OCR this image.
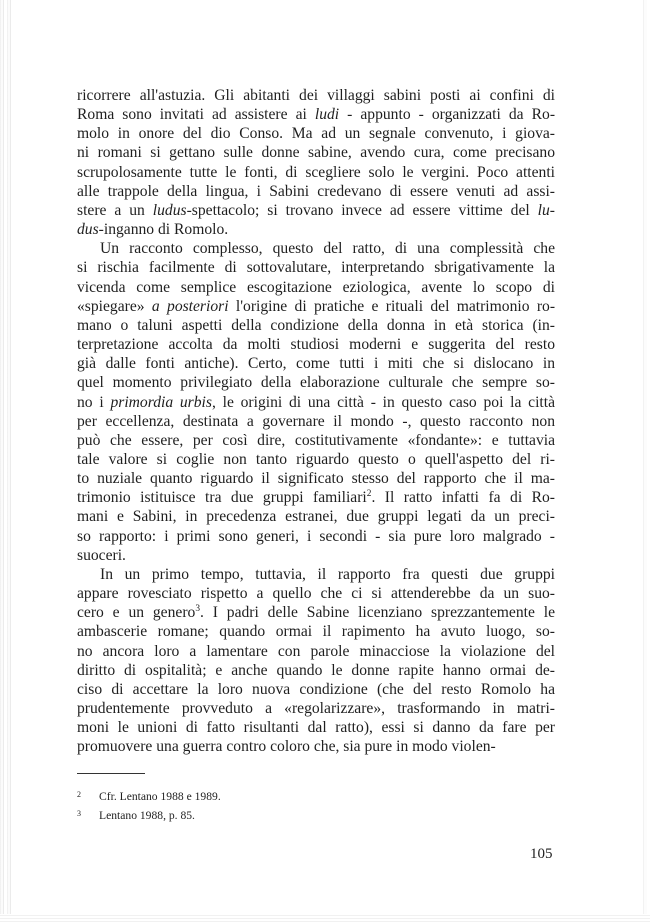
ricorrere all'astuzia. Gli abitanti dei villaggi sabini posti ai confini di
Roma sono invitati ad assistere ai ludi - appunto - organizzati da Ro-
molo in onore del dio Conso. Ma ad un segnale convenuto, i giova-
ni romani si gettano sulle donne sabine, avendo cura, come precisano
scrupolosamente tutte le fonti, di scegliere solo le vergini. Poco attenti
alle trappole della lingua, i Sabini credevano di essere venuti ad assi-
stere a un ludus-spettacolo; si trovano invece ad essere vittime del lu-
dus-inganno di Romolo.
Un racconto complesso, questo del ratto, di una complessità che
si rischia facilmente di sottovalutare, interpretando sbrigativamente la
vicenda come semplice escogitazione eziologica, avente lo scopo di
«spiegare» a posteriori l'origine di pratiche e rituali del matrimonio ro-
mano o taluni aspetti della condizione della donna in età storica (in-
terpretazione accolta da molti studiosi moderni e suggerita del resto
già dalle fonti antiche). Certo, come tutti i miti che si dislocano in
quel momento privilegiato della elaborazione culturale che sempre so-
no i primordia urbis, le origini di una città - in questo caso poi la città
per eccellenza, destinata a governare il mondo -, questo racconto non
può che essere, per così dire, costitutivamente «fondante»: e tuttavia
tale valore si coglie non tanto riguardo questo o quell'aspetto del ri-
to nuziale quanto riguardo il significato stesso del rapporto che il ma-
trimonio istituisce tra due gruppi familiari$^2$. Il ratto infatti fa di Ro-
mani e Sabini, in precedenza estranei, due gruppi legati da un preci-
so rapporto: i primi sono generi, i secondi - sia pure loro malgrado -
suoceri.
In un primo tempo, tuttavia, il rapporto fra questi due gruppi
appare rovesciato rispetto a quello che ci si attenderebbe da un suo-
cero e un genero$^3$. I padri delle Sabine licenziano sprezzantemente le
ambascerie romane; quando ormai il rapimento ha avuto luogo, so-
no ancora loro a lamentare con parole minacciose la violazione del
diritto di ospitalità; e anche quando le donne rapite hanno ormai de-
ciso di accettare la loro nuova condizione (che del resto Romolo ha
prudentemente provveduto a «regolarizzare», trasformando in matri-
moni le unioni di fatto risultanti dal ratto), essi si danno da fare per
promuovere una guerra contro coloro che, sia pure in modo violen-
2 Cfr. Lentano 1988 e 1989.
3 Lentano 1988, p. 85.
105
